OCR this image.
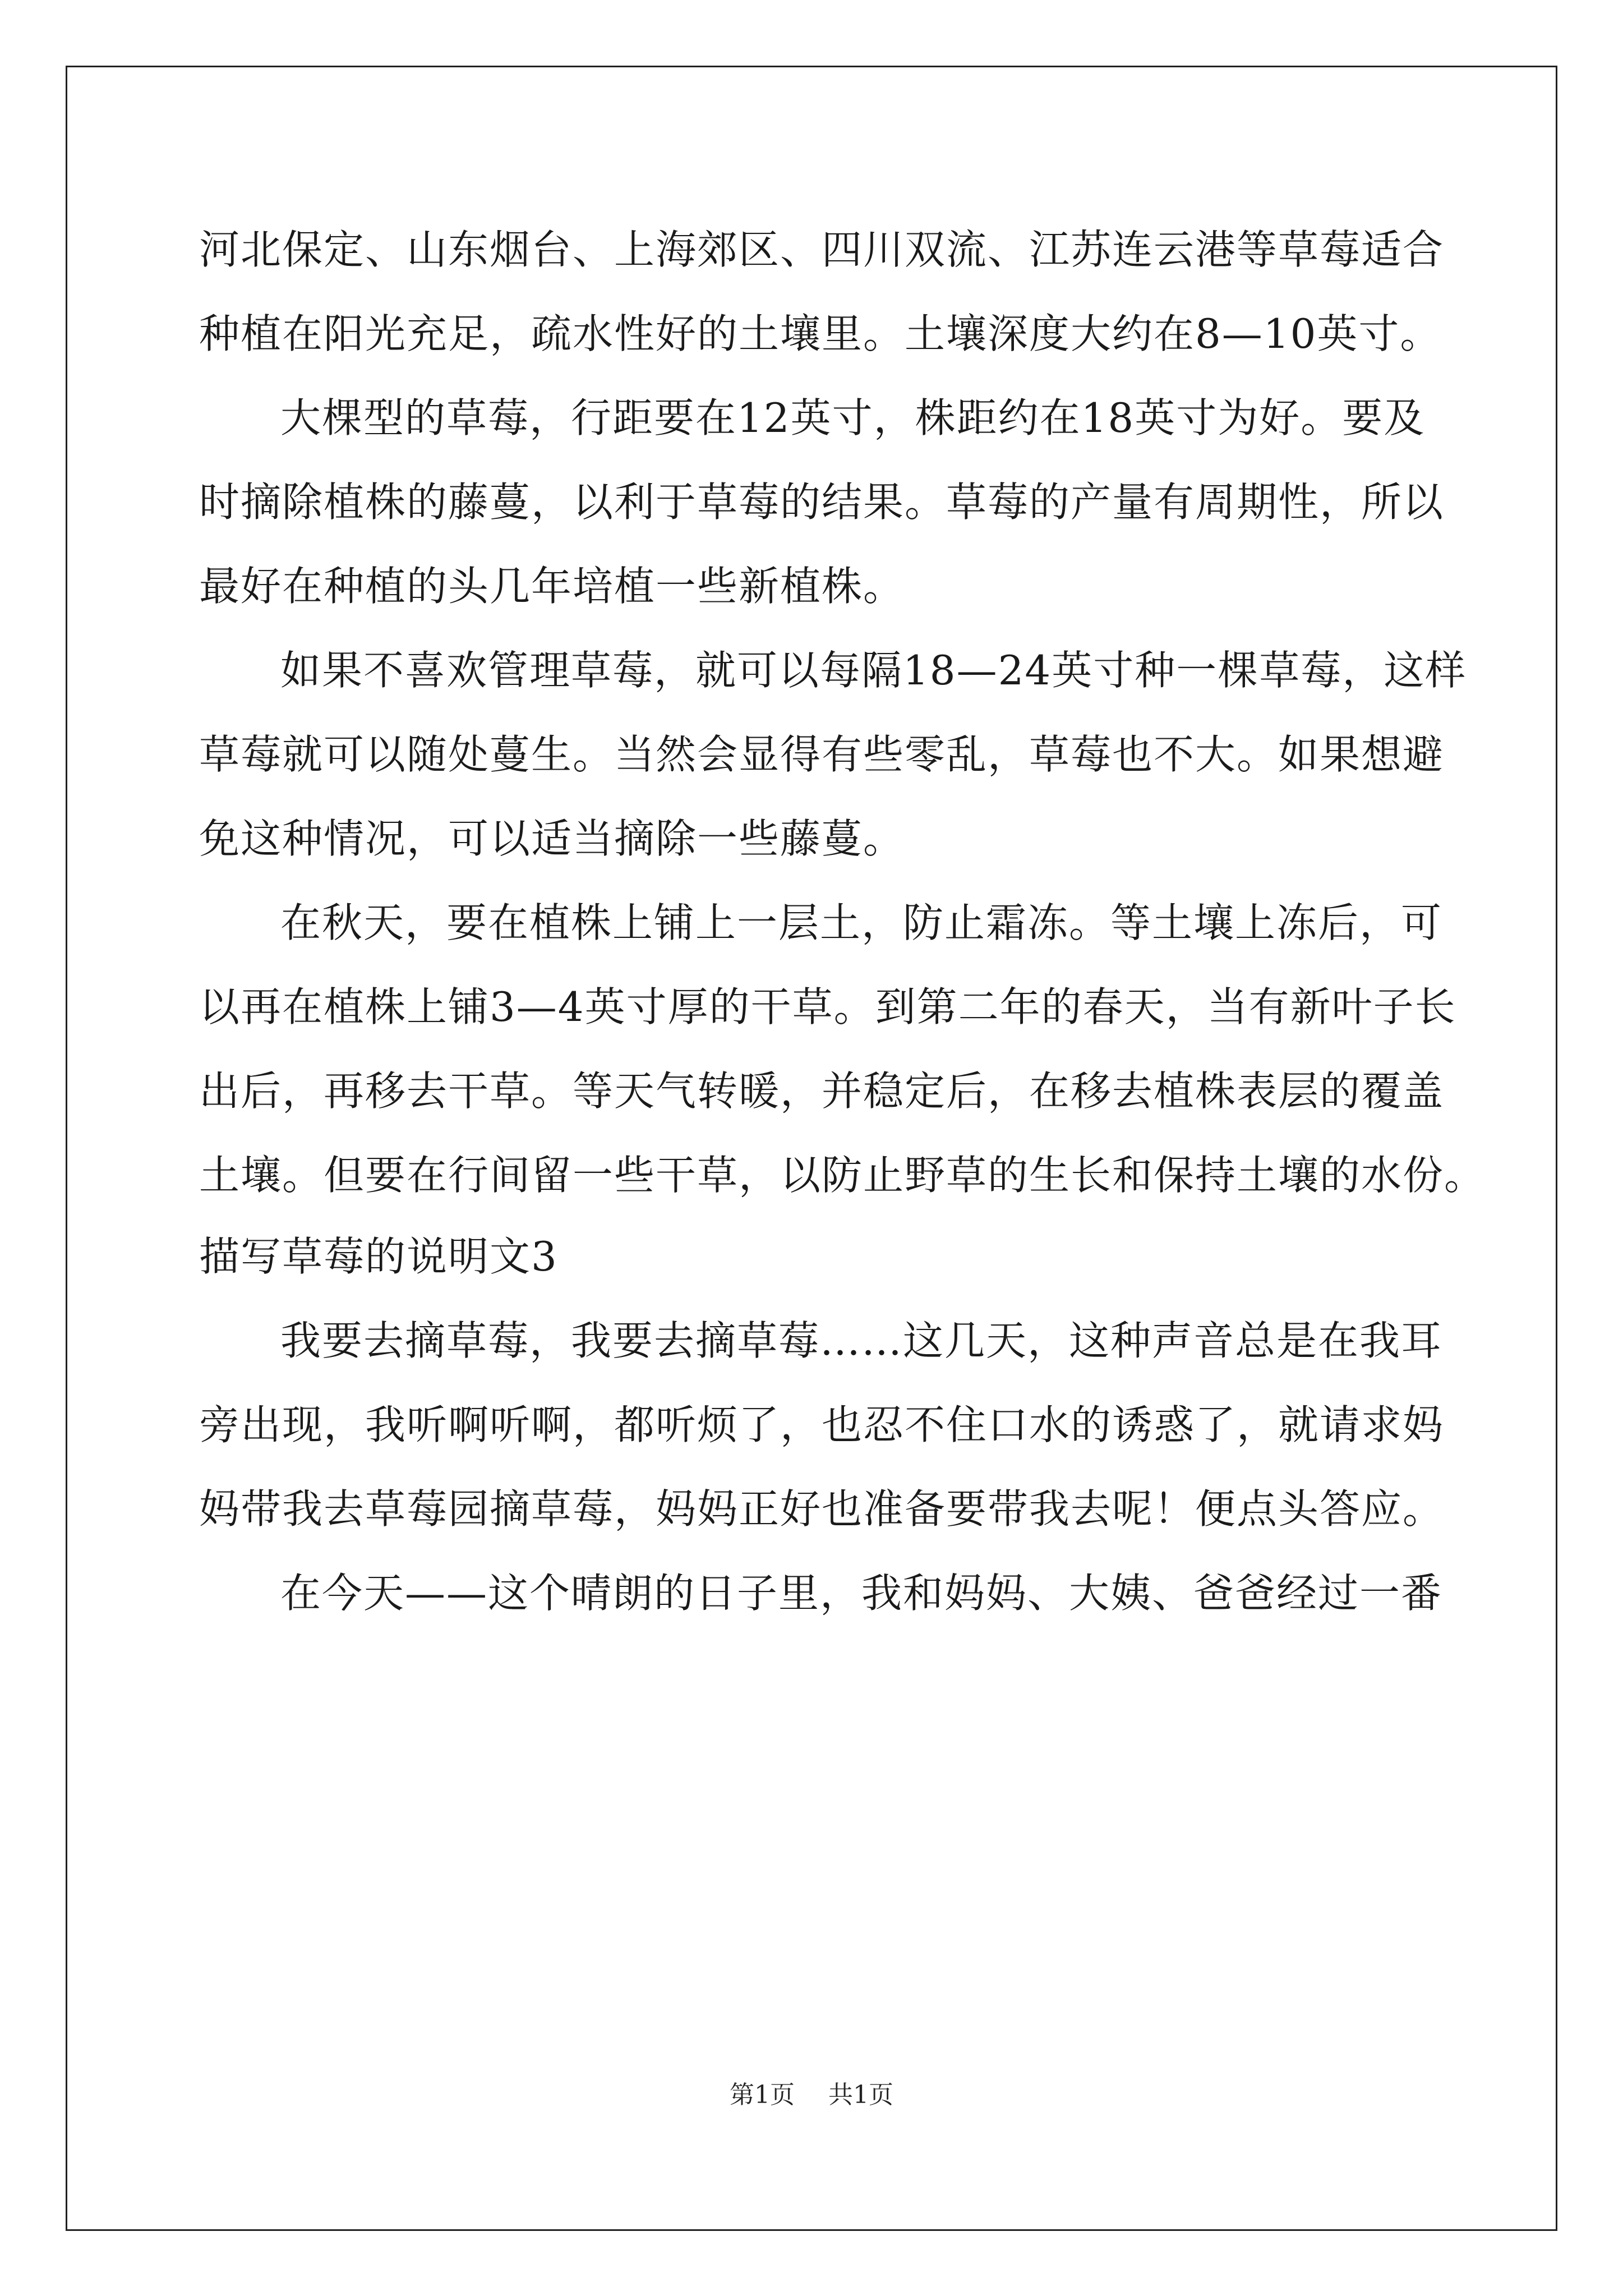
河北保定、山东烟台、上海郊区、四川双流、江苏连云港等草莓适合
种植在阳光充足，疏水性好的土壤里。土壤深度大约在8—10英寸。
大棵型的草莓，行距要在12英寸，株距约在18英寸为好。要及
时摘除植株的藤蔓，以利于草莓的结果。草莓的产量有周期性，所以
最好在种植的头几年培植一些新植株。
如果不喜欢管理草莓，就可以每隔18—24英寸种一棵草莓，这样
草莓就可以随处蔓生。当然会显得有些零乱，草莓也不大。如果想避
免这种情况，可以适当摘除一些藤蔓。
在秋天，要在植株上铺上一层土，防止霜冻。等土壤上冻后，可
以再在植株上铺3—4英寸厚的干草。到第二年的春天，当有新叶子长
出后，再移去干草。等天气转暖，并稳定后，在移去植株表层的覆盖
土壤。但要在行间留一些干草，以防止野草的生长和保持土壤的水份。
描写草莓的说明文3
我要去摘草莓，我要去摘草莓……这几天，这种声音总是在我耳
旁出现，我听啊听啊，都听烦了，也忍不住口水的诱惑了，就请求妈
妈带我去草莓园摘草莓，妈妈正好也准备要带我去呢！便点头答应。
在今天——这个晴朗的日子里，我和妈妈、大姨、爸爸经过一番
第1页 共1页
